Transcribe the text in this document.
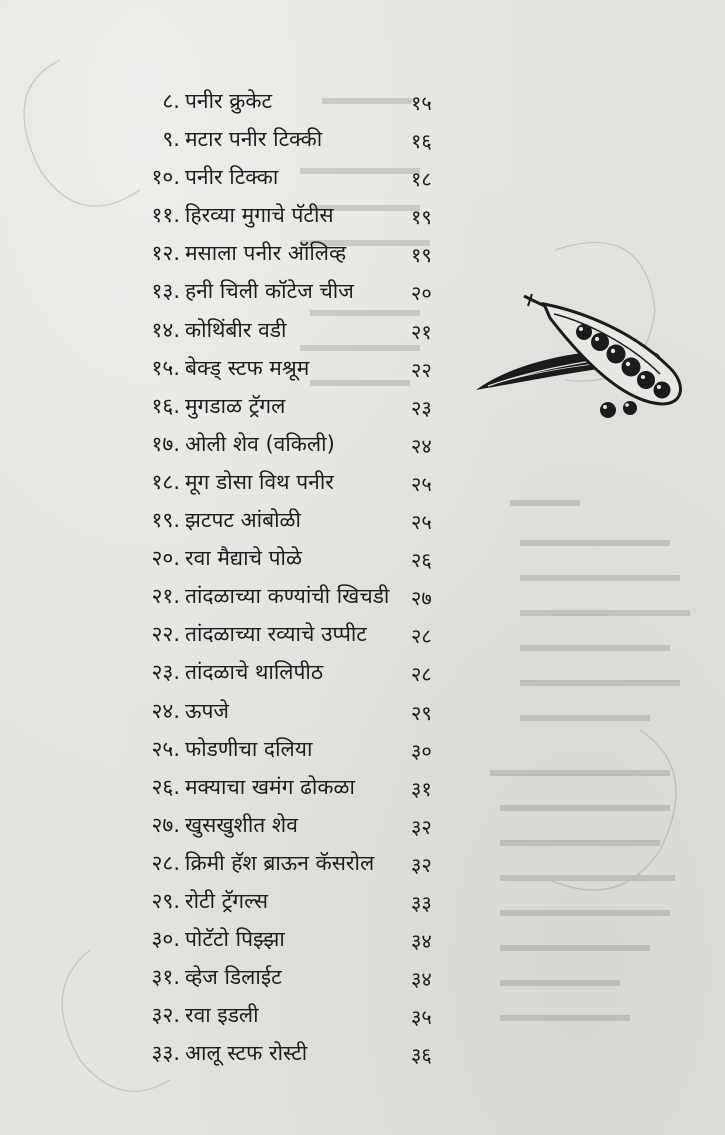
८. पनीर क्रुकेट	१५
९. मटार पनीर टिक्की	१६
१०. पनीर टिक्का	१८
११. हिरव्या मुगाचे पॅटीस	१९
१२. मसाला पनीर ऑलिव्ह	१९
१३. हनी चिली कॉटेज चीज	२०
१४. कोथिंबीर वडी	२१
१५. बेक्ड् स्टफ मश्रूम	२२
१६. मुगडाळ ट्रॅगल	२३
१७. ओली शेव (वकिली)	२४
१८. मूग डोसा विथ पनीर	२५
१९. झटपट आंबोळी	२५
२०. रवा मैद्याचे पोळे	२६
२१. तांदळाच्या कण्यांची खिचडी २७
२२. तांदळाच्या रव्याचे उप्पीट २८
२३. तांदळाचे थालिपीठ	२८
२४. ऊपजे	२९
२५. फोडणीचा दलिया	३०
२६. मक्याचा खमंग ढोकळा	३१
२७. खुसखुशीत शेव	३२
२८. क्रिमी हॅश ब्राऊन कॅसरोल ३२
२९. रोटी ट्रॅगल्स	३३
३०. पोटॅटो पिझ्झा	३४
३१. व्हेज डिलाईट	३४
३२. रवा इडली	३५
३३. आलू स्टफ रोस्टी	३६
